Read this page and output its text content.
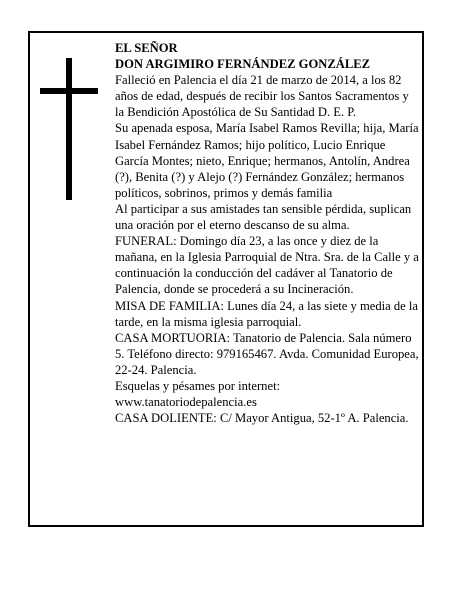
EL SEÑOR

DON ARGIMIRO FERNÁNDEZ GONZÁLEZ

Falleció en Palencia el día 21 de marzo de 2014, a los 82 años de edad, después de recibir los Santos Sacramentos y la Bendición Apostólica de Su Santidad D. E. P.

Su apenada esposa, María Isabel Ramos Revilla; hija, María Isabel Fernández Ramos; hijo político, Lucio Enrique García Montes; nieto, Enrique; hermanos, Antolín, Andrea (?), Benita (?) y Alejo (?) Fernández González; hermanos políticos, sobrinos, primos y demás familia

Al participar a sus amistades tan sensible pérdida, suplican una oración por el eterno descanso de su alma.

FUNERAL: Domingo día 23, a las once y diez de la mañana, en la Iglesia Parroquial de Ntra. Sra. de la Calle y a continuación la conducción del cadáver al Tanatorio de Palencia, donde se procederá a su Incineración.

MISA DE FAMILIA: Lunes día 24, a las siete y media de la tarde, en la misma iglesia parroquial.

CASA MORTUORIA: Tanatorio de Palencia. Sala número 5. Teléfono directo: 979165467. Avda. Comunidad Europea, 22-24. Palencia.

Esquelas y pésames por internet:

www.tanatoriodepalencia.es

CASA DOLIENTE: C/ Mayor Antigua, 52-1º A. Palencia.
